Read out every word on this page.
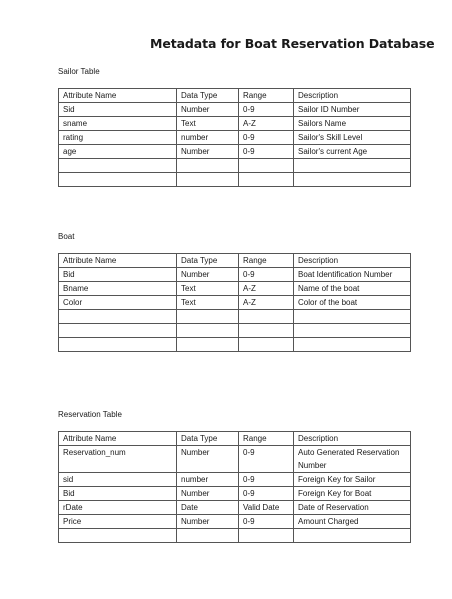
Metadata for Boat Reservation Database
Sailor Table
Attribute Name	Data Type	Range	Description
Sid	Number	0-9	Sailor ID Number
sname	Text	A-Z	Sailors Name
rating	number	0-9	Sailor's Skill Level
age	Number	0-9	Sailor's current Age

Boat
Attribute Name	Data Type	Range	Description
Bid	Number	0-9	Boat Identification Number
Bname	Text	A-Z	Name of the boat
Color	Text	A-Z	Color of the boat

Reservation Table
Attribute Name	Data Type	Range	Description
Reservation_num	Number	0-9	Auto Generated Reservation Number
sid	number	0-9	Foreign Key for Sailor
Bid	Number	0-9	Foreign Key for Boat
rDate	Date	Valid Date	Date of Reservation
Price	Number	0-9	Amount Charged
